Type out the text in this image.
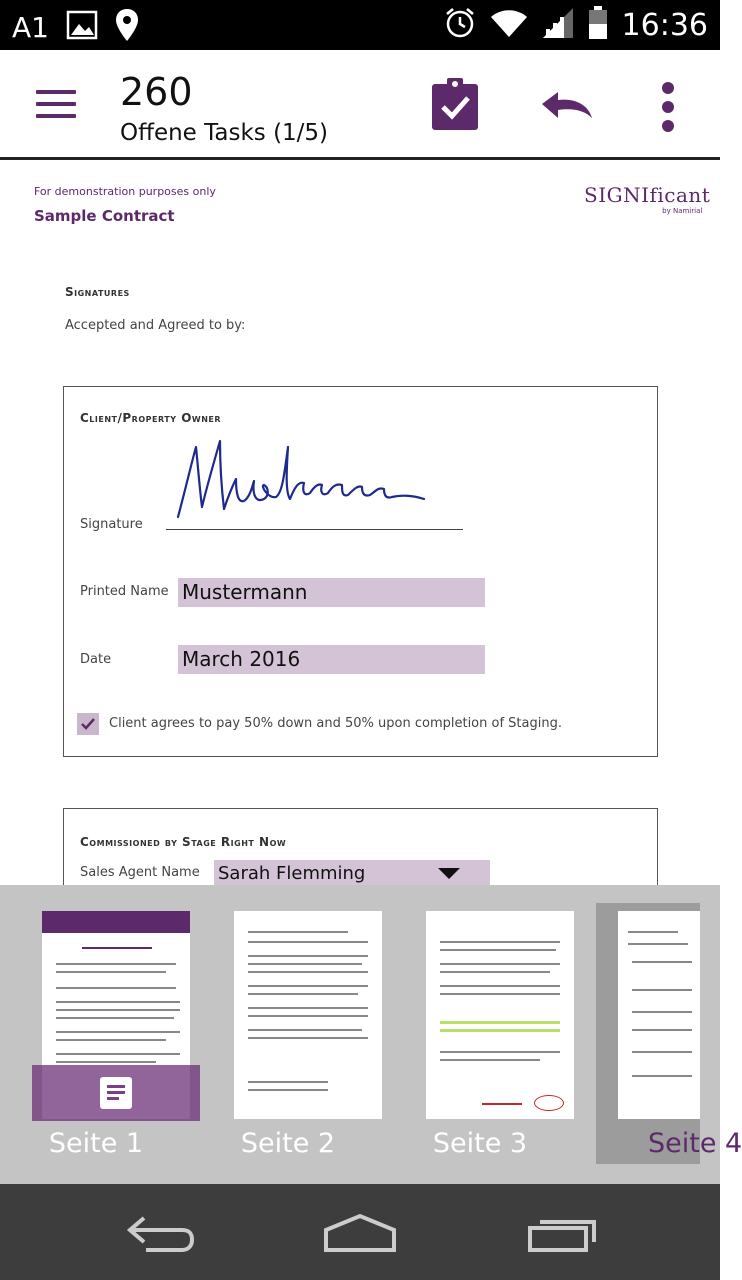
A1	16:36
260
Offene Tasks (1/5)
For demonstration purposes only
Sample Contract
SIGNIficant
by Namirial
Signatures
Accepted and Agreed to by:
Client/Property Owner
Signature
Printed Name Mustermann
Date	March 2016
Client agrees to pay 50% down and 50% upon completion of Staging.
Commissioned by Stage Right Now
Sales Agent Name Sarah Flemming
Seite 1	Seite 2	Seite 3	Seite 4
